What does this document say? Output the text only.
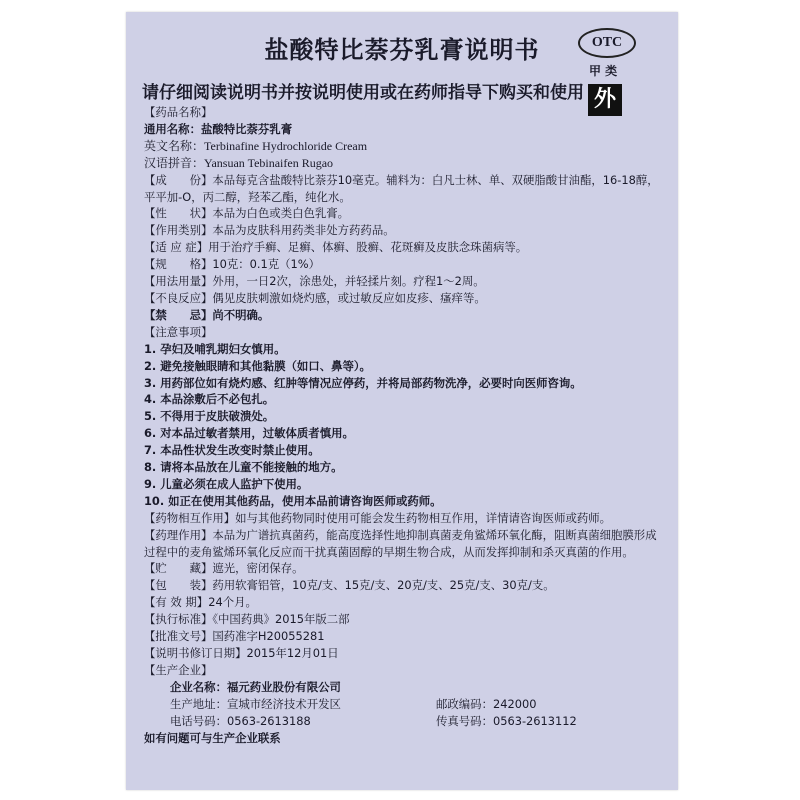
盐酸特比萘芬乳膏说明书	OTC
甲 类
外
请仔细阅读说明书并按说明使用或在药师指导下购买和使用
【药品名称】
通用名称：盐酸特比萘芬乳膏
英文名称：Terbinafine Hydrochloride Cream
汉语拼音：Yansuan Tebinaifen Rugao
【成　　份】本品每克含盐酸特比萘芬10毫克。辅料为：白凡士林、单、双硬脂酸甘油酯，16-18醇，平平加-O，丙二醇，羟苯乙酯，纯化水。
【性　　状】本品为白色或类白色乳膏。
【作用类别】本品为皮肤科用药类非处方药药品。
【适 应 症】用于治疗手癣、足癣、体癣、股癣、花斑癣及皮肤念珠菌病等。
【规　　格】10克：0.1克（1%）
【用法用量】外用，一日2次，涂患处，并轻揉片刻。疗程1～2周。
【不良反应】偶见皮肤刺激如烧灼感，或过敏反应如皮疹、瘙痒等。
【禁　　忌】尚不明确。
【注意事项】
1. 孕妇及哺乳期妇女慎用。
2. 避免接触眼睛和其他黏膜（如口、鼻等）。
3. 用药部位如有烧灼感、红肿等情况应停药，并将局部药物洗净，必要时向医师咨询。
4. 本品涂敷后不必包扎。
5. 不得用于皮肤破溃处。
6. 对本品过敏者禁用，过敏体质者慎用。
7. 本品性状发生改变时禁止使用。
8. 请将本品放在儿童不能接触的地方。
9. 儿童必须在成人监护下使用。
10. 如正在使用其他药品，使用本品前请咨询医师或药师。
【药物相互作用】如与其他药物同时使用可能会发生药物相互作用，详情请咨询医师或药师。
【药理作用】本品为广谱抗真菌药，能高度选择性地抑制真菌麦角鲨烯环氧化酶，阻断真菌细胞膜形成过程中的麦角鲨烯环氧化反应而干扰真菌固醇的早期生物合成，从而发挥抑制和杀灭真菌的作用。
【贮　　藏】遮光，密闭保存。
【包　　装】药用软膏铝管，10克/支、15克/支、20克/支、25克/支、30克/支。
【有 效 期】24个月。
【执行标准】《中国药典》2015年版二部
【批准文号】国药准字H20055281
【说明书修订日期】2015年12月01日
【生产企业】
企业名称：福元药业股份有限公司
生产地址：宣城市经济技术开发区	邮政编码：242000
电话号码：0563-2613188	传真号码：0563-2613112
如有问题可与生产企业联系
